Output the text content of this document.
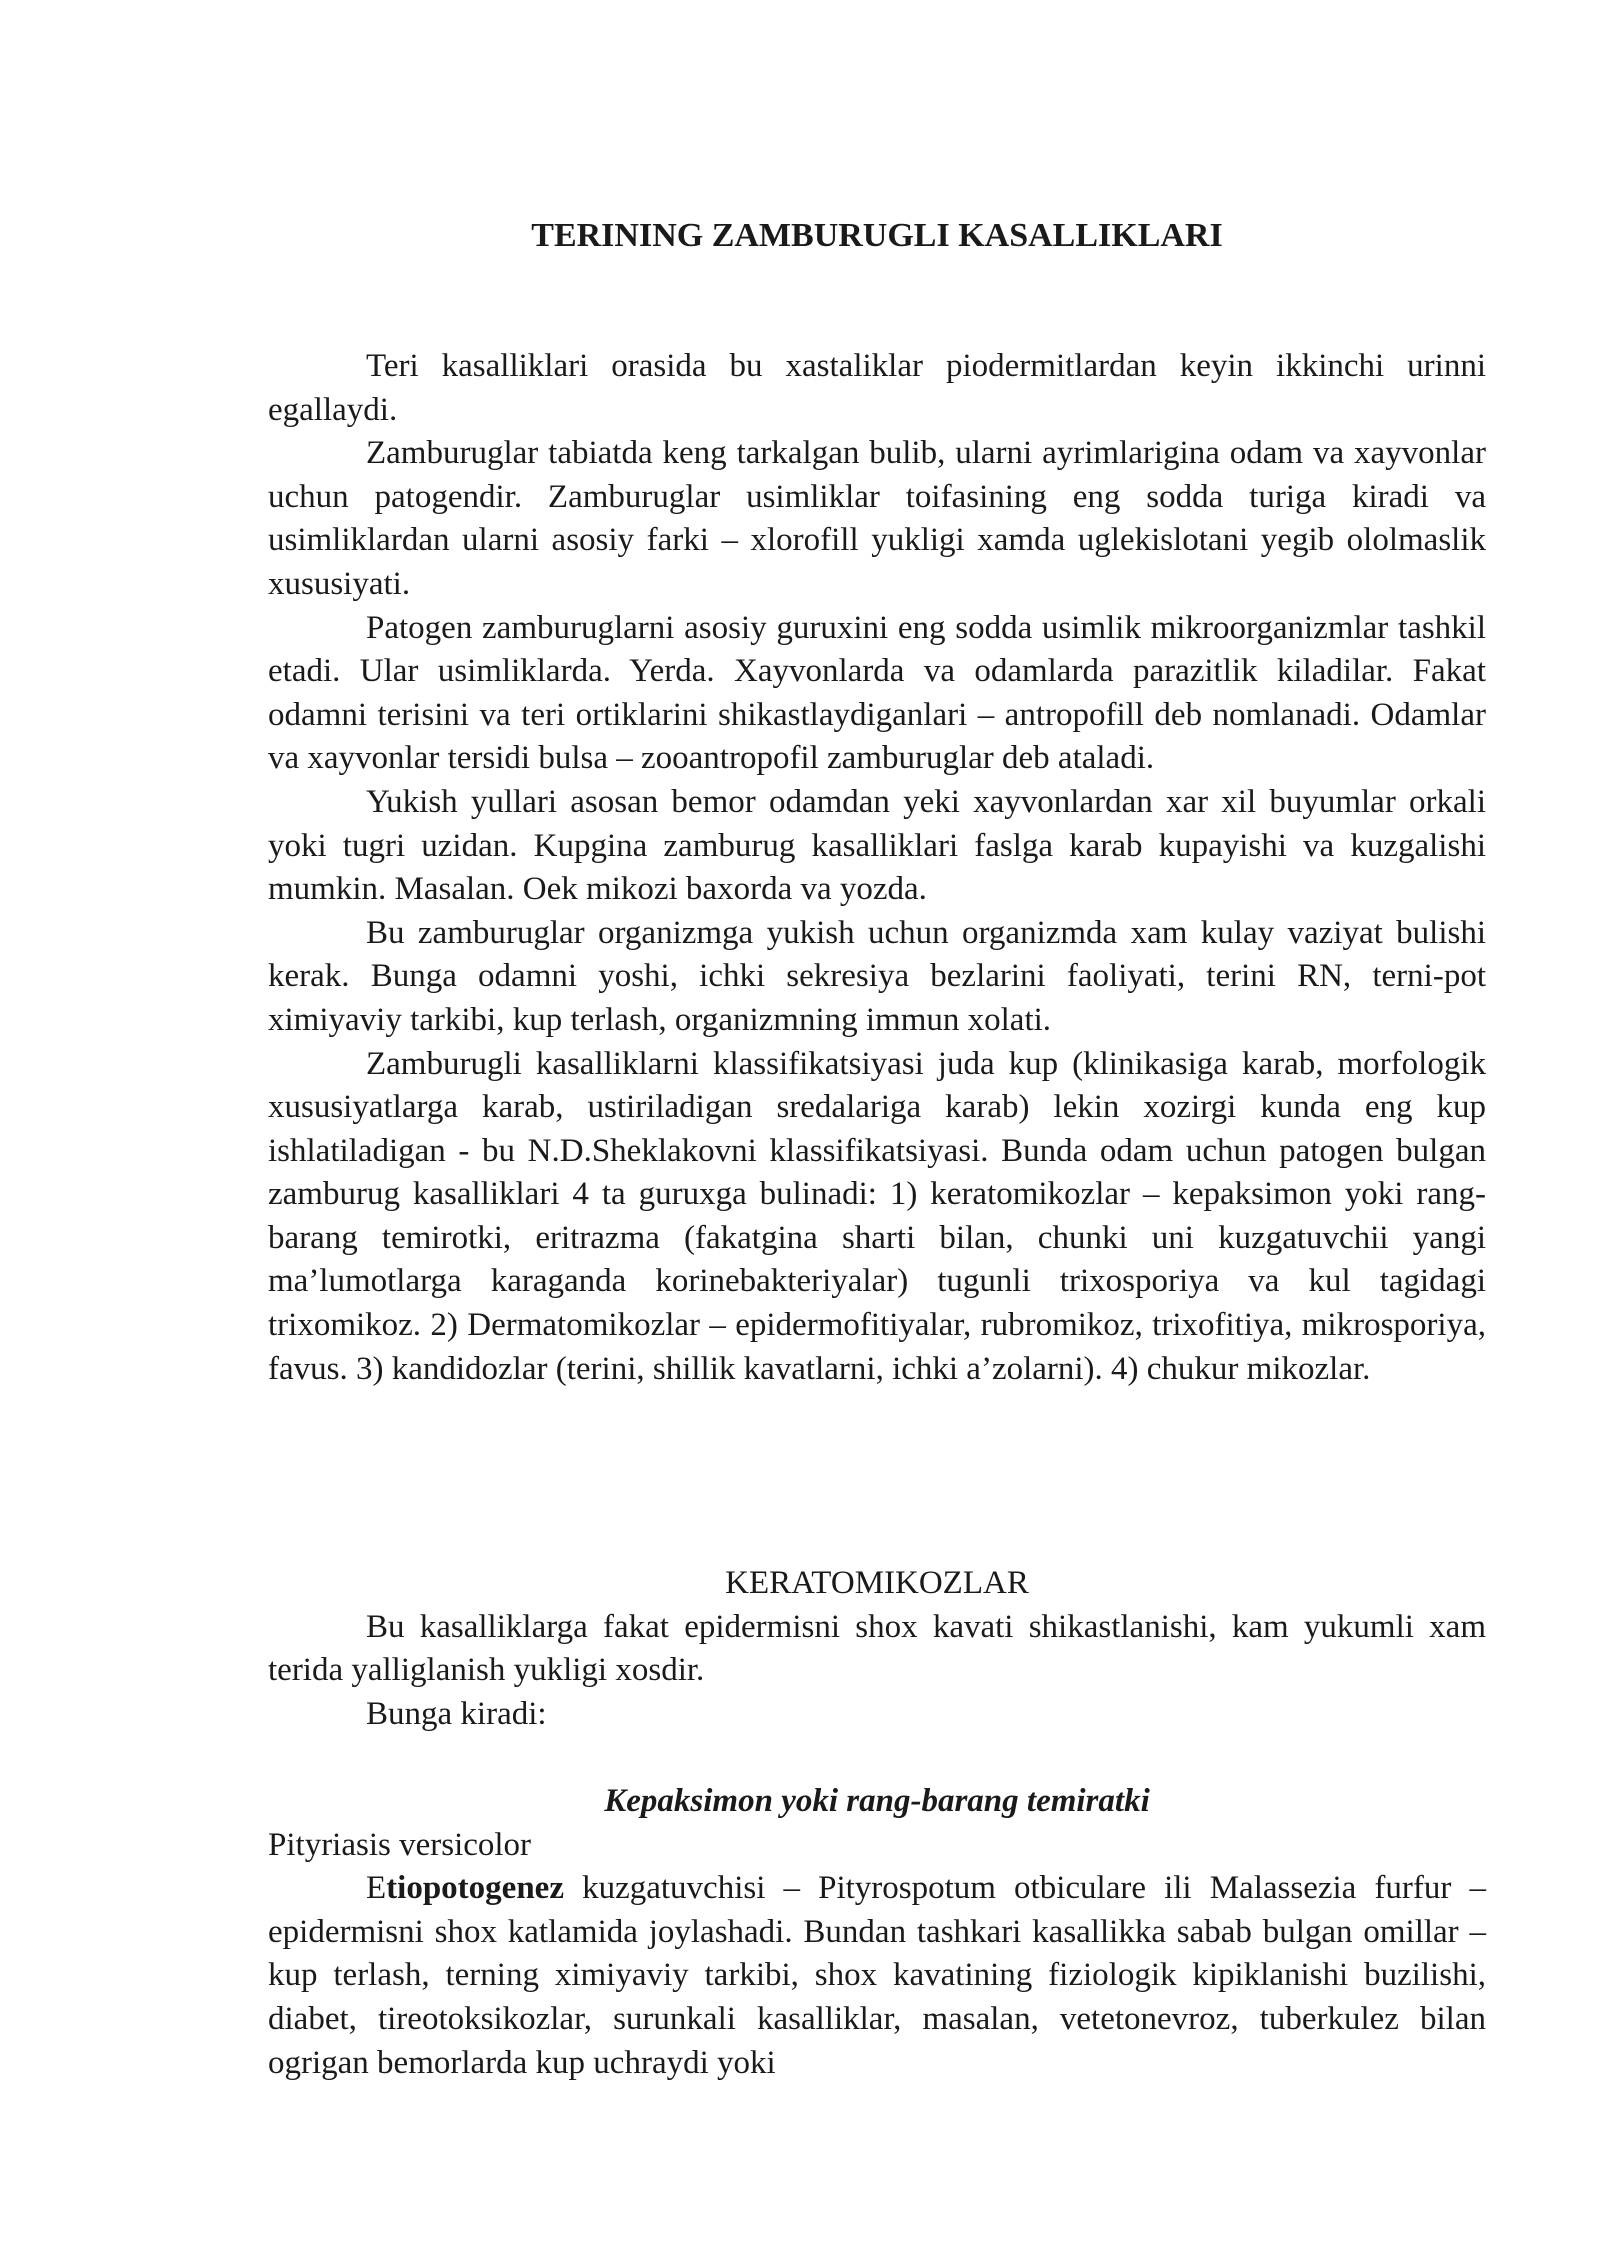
TERINING ZAMBURUGLI KASALLIKLARI

Teri kasalliklari orasida bu xastaliklar piodermitlardan keyin ikkinchi urinni egallaydi.

Zamburuglar tabiatda keng tarkalgan bulib, ularni ayrimlarigina odam va xayvonlar uchun patogendir. Zamburuglar usimliklar toifasining eng sodda turiga kiradi va usimliklardan ularni asosiy farki – xlorofill yukligi xamda uglekislotani yegib ololmaslik xususiyati.

Patogen zamburuglarni asosiy guruxini eng sodda usimlik mikroorganizmlar tashkil etadi. Ular usimliklarda. Yerda. Xayvonlarda va odamlarda parazitlik kiladilar. Fakat odamni terisini va teri ortiklarini shikastlaydiganlari – antropofill deb nomlanadi. Odamlar va xayvonlar tersidi bulsa – zooantropofil zamburuglar deb ataladi.

Yukish yullari asosan bemor odamdan yeki xayvonlardan xar xil buyumlar orkali yoki tugri uzidan. Kupgina zamburug kasalliklari faslga karab kupayishi va kuzgalishi mumkin. Masalan. Oek mikozi baxorda va yozda.

Bu zamburuglar organizmga yukish uchun organizmda xam kulay vaziyat bulishi kerak. Bunga odamni yoshi, ichki sekresiya bezlarini faoliyati, terini RN, terni-pot ximiyaviy tarkibi, kup terlash, organizmning immun xolati.

Zamburugli kasalliklarni klassifikatsiyasi juda kup (klinikasiga karab, morfologik xususiyatlarga karab, ustiriladigan sredalariga karab) lekin xozirgi kunda eng kup ishlatiladigan - bu N.D.Sheklakovni klassifikatsiyasi. Bunda odam uchun patogen bulgan zamburug kasalliklari 4 ta guruxga bulinadi: 1) keratomikozlar – kepaksimon yoki rang-barang temirotki, eritrazma (fakatgina sharti bilan, chunki uni kuzgatuvchii yangi ma’lumotlarga karaganda korinebakteriyalar) tugunli trixosporiya va kul tagidagi trixomikoz. 2) Dermatomikozlar – epidermofitiyalar, rubromikoz, trixofitiya, mikrosporiya, favus. 3) kandidozlar (terini, shillik kavatlarni, ichki a’zolarni). 4) chukur mikozlar.

KERATOMIKOZLAR

Bu kasalliklarga fakat epidermisni shox kavati shikastlanishi, kam yukumli xam terida yalliglanish yukligi xosdir.

Bunga kiradi:

Kepaksimon yoki rang-barang temiratki

Pityriasis versicolor

Etiopotogenez kuzgatuvchisi – Pityrospotum otbiculare ili Malassezia furfur – epidermisni shox katlamida joylashadi. Bundan tashkari kasallikka sabab bulgan omillar – kup terlash, terning ximiyaviy tarkibi, shox kavatining fiziologik kipiklanishi buzilishi, diabet, tireotoksikozlar, surunkali kasalliklar, masalan, vetetonevroz, tuberkulez bilan ogrigan bemorlarda kup uchraydi yoki
